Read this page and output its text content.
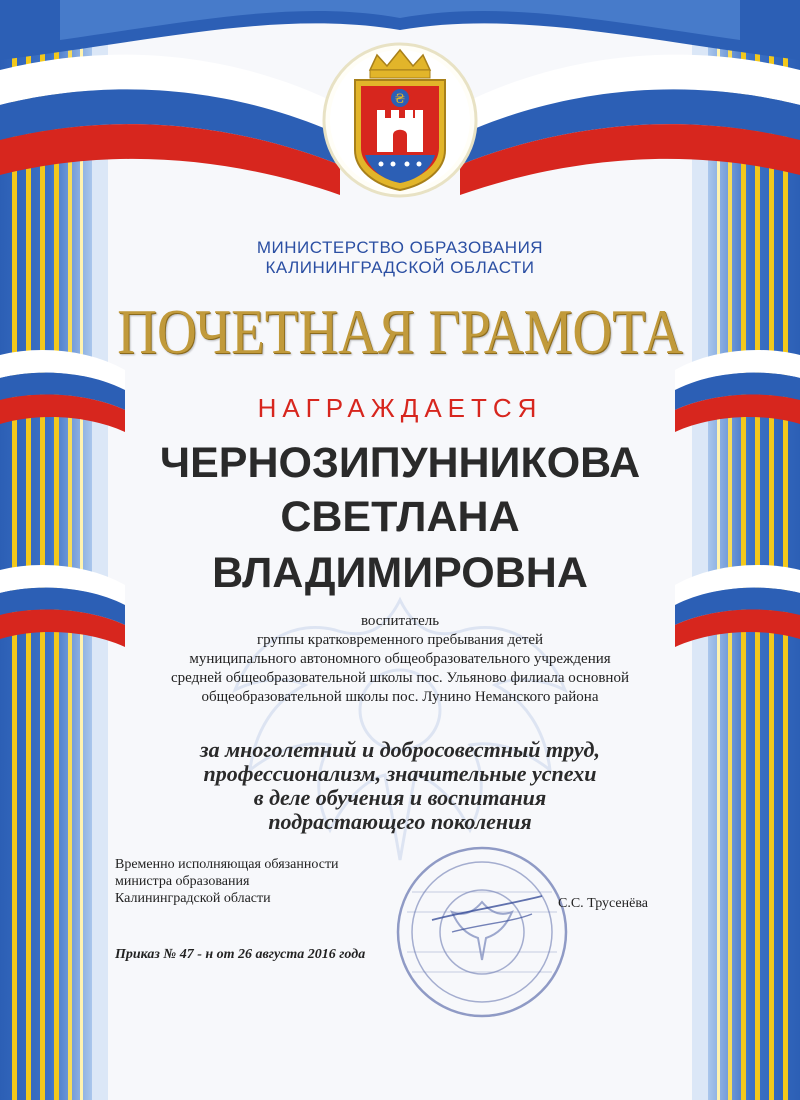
₴
МИНИСТЕРСТВО ОБРАЗОВАНИЯ
КАЛИНИНГРАДСКОЙ ОБЛАСТИ
ПОЧЕТНАЯ ГРАМОТА
НАГРАЖДАЕТСЯ
ЧЕРНОЗИПУННИКОВА
СВЕТЛАНА
ВЛАДИМИРОВНА
воспитатель
группы кратковременного пребывания детей
муниципального автономного общеобразовательного учреждения
средней общеобразовательной школы пос. Ульяново филиала основной
общеобразовательной школы пос. Лунино Неманского района
за многолетний и добросовестный труд,
профессионализм, значительные успехи
в деле обучения и воспитания
подрастающего поколения
Временно исполняющая обязанности
министра образования
Калининградской области	С.С. Трусенёва
Приказ № 47 - н от 26 августа 2016 года
